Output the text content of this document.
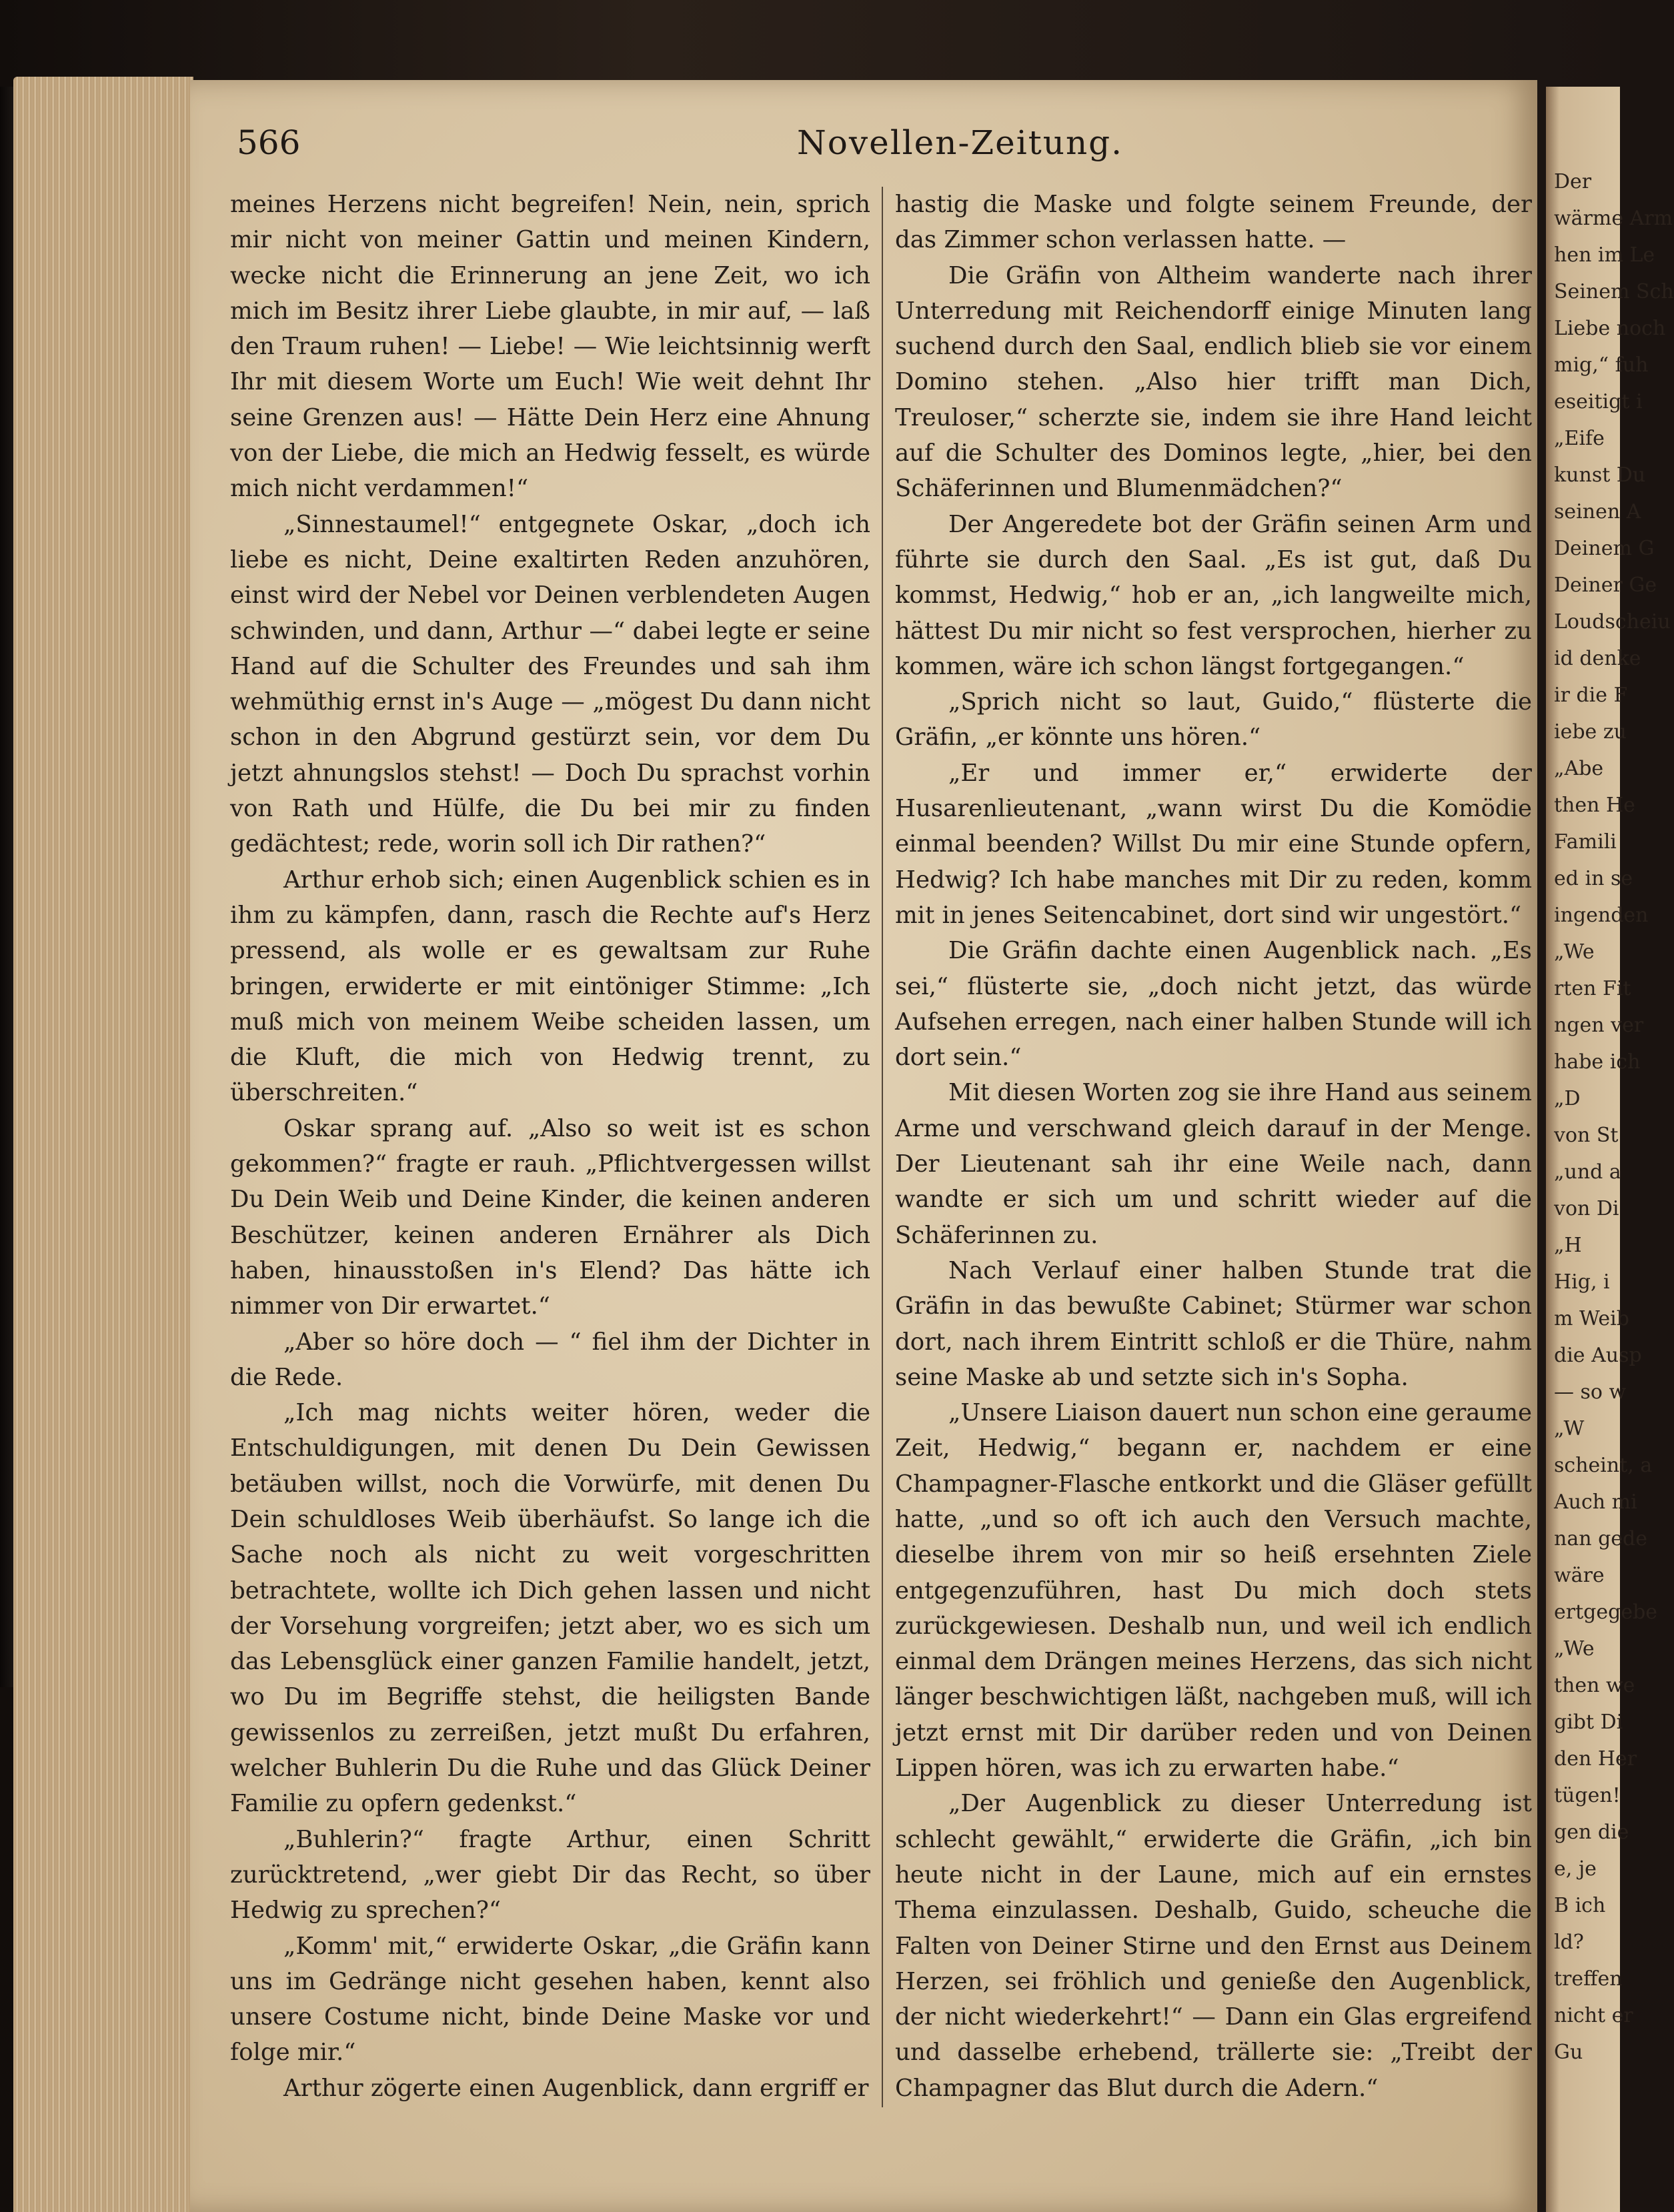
566	Novellen-Zeitung.

meines Herzens nicht begreifen! Nein, nein, sprich mir nicht von meiner Gattin und meinen Kindern, wecke nicht die Erinnerung an jene Zeit, wo ich mich im Besitz ihrer Liebe glaubte, in mir auf, — laß den Traum ruhen! — Liebe! — Wie leichtsinnig werft Ihr mit diesem Worte um Euch! Wie weit dehnt Ihr seine Grenzen aus! — Hätte Dein Herz eine Ahnung von der Liebe, die mich an Hedwig fesselt, es würde mich nicht verdammen!“

„Sinnestaumel!“ entgegnete Oskar, „doch ich liebe es nicht, Deine exaltirten Reden anzuhören, einst wird der Nebel vor Deinen verblendeten Augen schwinden, und dann, Arthur —“ dabei legte er seine Hand auf die Schulter des Freundes und sah ihm wehmüthig ernst in's Auge — „mögest Du dann nicht schon in den Abgrund gestürzt sein, vor dem Du jetzt ahnungslos stehst! — Doch Du sprachst vorhin von Rath und Hülfe, die Du bei mir zu finden gedächtest; rede, worin soll ich Dir rathen?“

Arthur erhob sich; einen Augenblick schien es in ihm zu kämpfen, dann, rasch die Rechte auf's Herz pressend, als wolle er es gewaltsam zur Ruhe bringen, erwiderte er mit eintöniger Stimme: „Ich muß mich von meinem Weibe scheiden lassen, um die Kluft, die mich von Hedwig trennt, zu überschreiten.“

Oskar sprang auf. „Also so weit ist es schon gekommen?“ fragte er rauh. „Pflichtvergessen willst Du Dein Weib und Deine Kinder, die keinen anderen Beschützer, keinen anderen Ernährer als Dich haben, hinausstoßen in's Elend? Das hätte ich nimmer von Dir erwartet.“

„Aber so höre doch — “ fiel ihm der Dichter in die Rede.

„Ich mag nichts weiter hören, weder die Entschuldigungen, mit denen Du Dein Gewissen betäuben willst, noch die Vorwürfe, mit denen Du Dein schuldloses Weib überhäufst. So lange ich die Sache noch als nicht zu weit vorgeschritten betrachtete, wollte ich Dich gehen lassen und nicht der Vorsehung vorgreifen; jetzt aber, wo es sich um das Lebensglück einer ganzen Familie handelt, jetzt, wo Du im Begriffe stehst, die heiligsten Bande gewissenlos zu zerreißen, jetzt mußt Du erfahren, welcher Buhlerin Du die Ruhe und das Glück Deiner Familie zu opfern gedenkst.“

„Buhlerin?“ fragte Arthur, einen Schritt zurücktretend, „wer giebt Dir das Recht, so über Hedwig zu sprechen?“

„Komm' mit,“ erwiderte Oskar, „die Gräfin kann uns im Gedränge nicht gesehen haben, kennt also unsere Costume nicht, binde Deine Maske vor und folge mir.“

Arthur zögerte einen Augenblick, dann ergriff er

hastig die Maske und folgte seinem Freunde, der das Zimmer schon verlassen hatte. —

Die Gräfin von Altheim wanderte nach ihrer Unterredung mit Reichendorff einige Minuten lang suchend durch den Saal, endlich blieb sie vor einem Domino stehen. „Also hier trifft man Dich, Treuloser,“ scherzte sie, indem sie ihre Hand leicht auf die Schulter des Dominos legte, „hier, bei den Schäferinnen und Blumenmädchen?“

Der Angeredete bot der Gräfin seinen Arm und führte sie durch den Saal. „Es ist gut, daß Du kommst, Hedwig,“ hob er an, „ich langweilte mich, hättest Du mir nicht so fest versprochen, hierher zu kommen, wäre ich schon längst fortgegangen.“

„Sprich nicht so laut, Guido,“ flüsterte die Gräfin, „er könnte uns hören.“

„Er und immer er,“ erwiderte der Husarenlieutenant, „wann wirst Du die Komödie einmal beenden? Willst Du mir eine Stunde opfern, Hedwig? Ich habe manches mit Dir zu reden, komm mit in jenes Seitencabinet, dort sind wir ungestört.“

Die Gräfin dachte einen Augenblick nach. „Es sei,“ flüsterte sie, „doch nicht jetzt, das würde Aufsehen erregen, nach einer halben Stunde will ich dort sein.“

Mit diesen Worten zog sie ihre Hand aus seinem Arme und verschwand gleich darauf in der Menge. Der Lieutenant sah ihr eine Weile nach, dann wandte er sich um und schritt wieder auf die Schäferinnen zu.

Nach Verlauf einer halben Stunde trat die Gräfin in das bewußte Cabinet; Stürmer war schon dort, nach ihrem Eintritt schloß er die Thüre, nahm seine Maske ab und setzte sich in's Sopha.

„Unsere Liaison dauert nun schon eine geraume Zeit, Hedwig,“ begann er, nachdem er eine Champagner-Flasche entkorkt und die Gläser gefüllt hatte, „und so oft ich auch den Versuch machte, dieselbe ihrem von mir so heiß ersehnten Ziele entgegenzuführen, hast Du mich doch stets zurückgewiesen. Deshalb nun, und weil ich endlich einmal dem Drängen meines Herzens, das sich nicht länger beschwichtigen läßt, nachgeben muß, will ich jetzt ernst mit Dir darüber reden und von Deinen Lippen hören, was ich zu erwarten habe.“

„Der Augenblick zu dieser Unterredung ist schlecht gewählt,“ erwiderte die Gräfin, „ich bin heute nicht in der Laune, mich auf ein ernstes Thema einzulassen. Deshalb, Guido, scheuche die Falten von Deiner Stirne und den Ernst aus Deinem Herzen, sei fröhlich und genieße den Augenblick, der nicht wiederkehrt!“ — Dann ein Glas ergreifend und dasselbe erhebend, trällerte sie: „Treibt der Champagner das Blut durch die Adern.“

Der
wärme Arm
hen im Le
Seinem Sch
Liebe noch
mig,“ fuh
eseitigt i
„Eife
kunst Du
seinen A
Deinem G
Deiner Ge
Loudscheiu
id denke
ir die F
iebe zu
„Abe
then He
Famili
ed in se
ingenden
„We
rten Fit
ngen ver
habe ich
„D
von St
„und a
von Di
„H
Hig, i
m Weib
die Ausp
— so w
„W
scheint, a
Auch mi
nan gede
wäre
ertgegebe
„We
then we
gibt Di
den Her
tügen!
gen die
e, je
B ich
ld?
treffen
nicht er
Gu
